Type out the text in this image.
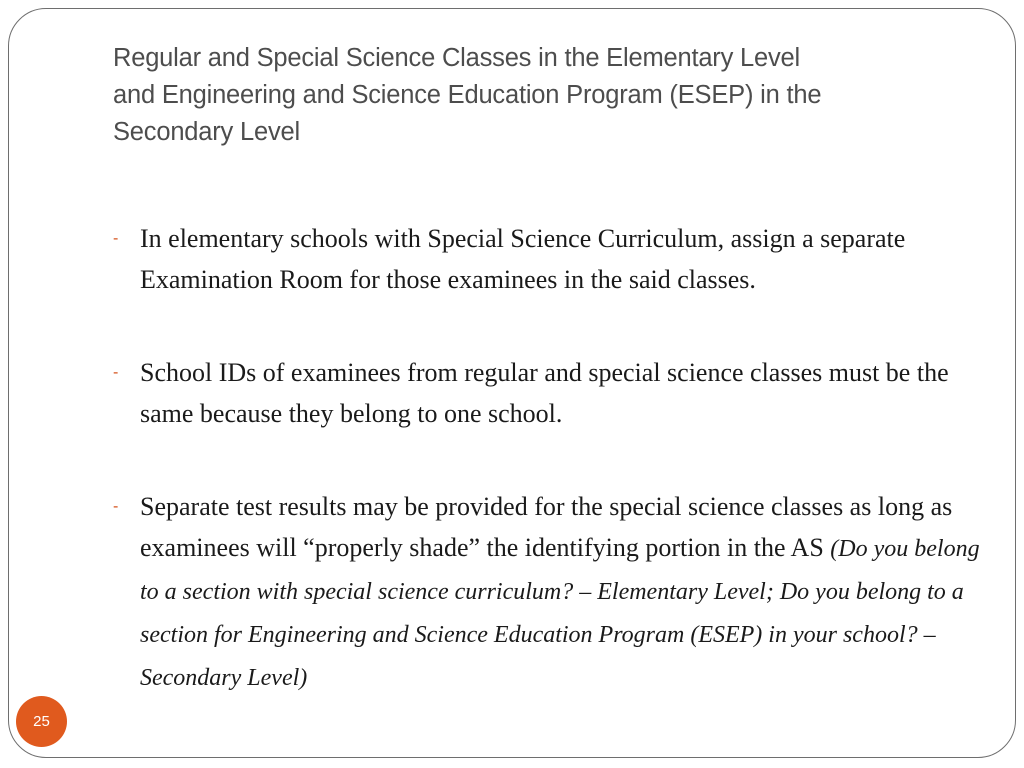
Regular and Special Science Classes in the Elementary Level
and Engineering and Science Education Program (ESEP) in the
Secondary Level
- In elementary schools with Special Science Curriculum, assign a separate Examination Room for those examinees in the said classes.
- School IDs of examinees from regular and special science classes must be the same because they belong to one school.
- Separate test results may be provided for the special science classes as long as examinees will “properly shade” the identifying portion in the AS (Do you belong to a section with special science curriculum? – Elementary Level; Do you belong to a section for Engineering and Science Education Program (ESEP) in your school? – Secondary Level)
25
